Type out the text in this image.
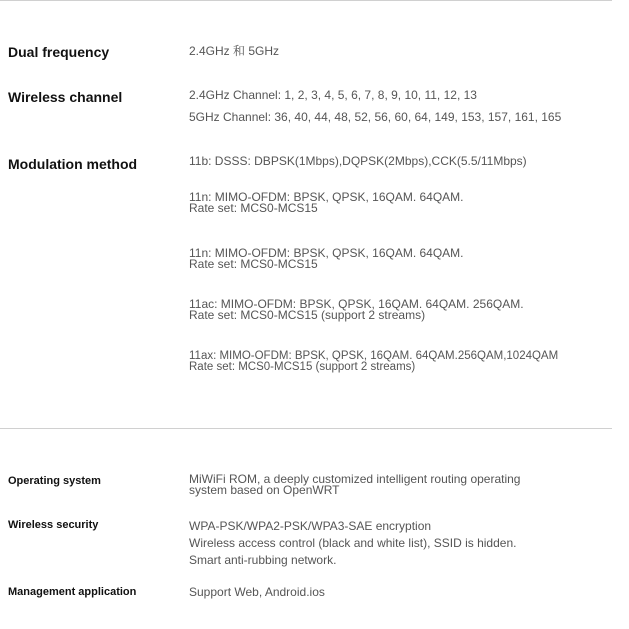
Dual frequency	2.4GHz 和 5GHz
Wireless channel	2.4GHz Channel: 1, 2, 3, 4, 5, 6, 7, 8, 9, 10, 11, 12, 13
5GHz Channel: 36, 40, 44, 48, 52, 56, 60, 64, 149, 153, 157, 161, 165
Modulation method	11b: DSSS: DBPSK(1Mbps),DQPSK(2Mbps),CCK(5.5/11Mbps)
11n: MIMO-OFDM: BPSK, QPSK, 16QAM. 64QAM.
Rate set: MCS0-MCS15
11n: MIMO-OFDM: BPSK, QPSK, 16QAM. 64QAM.
Rate set: MCS0-MCS15
11ac: MIMO-OFDM: BPSK, QPSK, 16QAM. 64QAM. 256QAM.
Rate set: MCS0-MCS15 (support 2 streams)
11ax: MIMO-OFDM: BPSK, QPSK, 16QAM. 64QAM.256QAM,1024QAM
Rate set: MCS0-MCS15 (support 2 streams)
Operating system	MiWiFi ROM, a deeply customized intelligent routing operating
system based on OpenWRT
Wireless security	WPA-PSK/WPA2-PSK/WPA3-SAE encryption
Wireless access control (black and white list), SSID is hidden.
Smart anti-rubbing network.
Management application	Support Web, Android.ios
